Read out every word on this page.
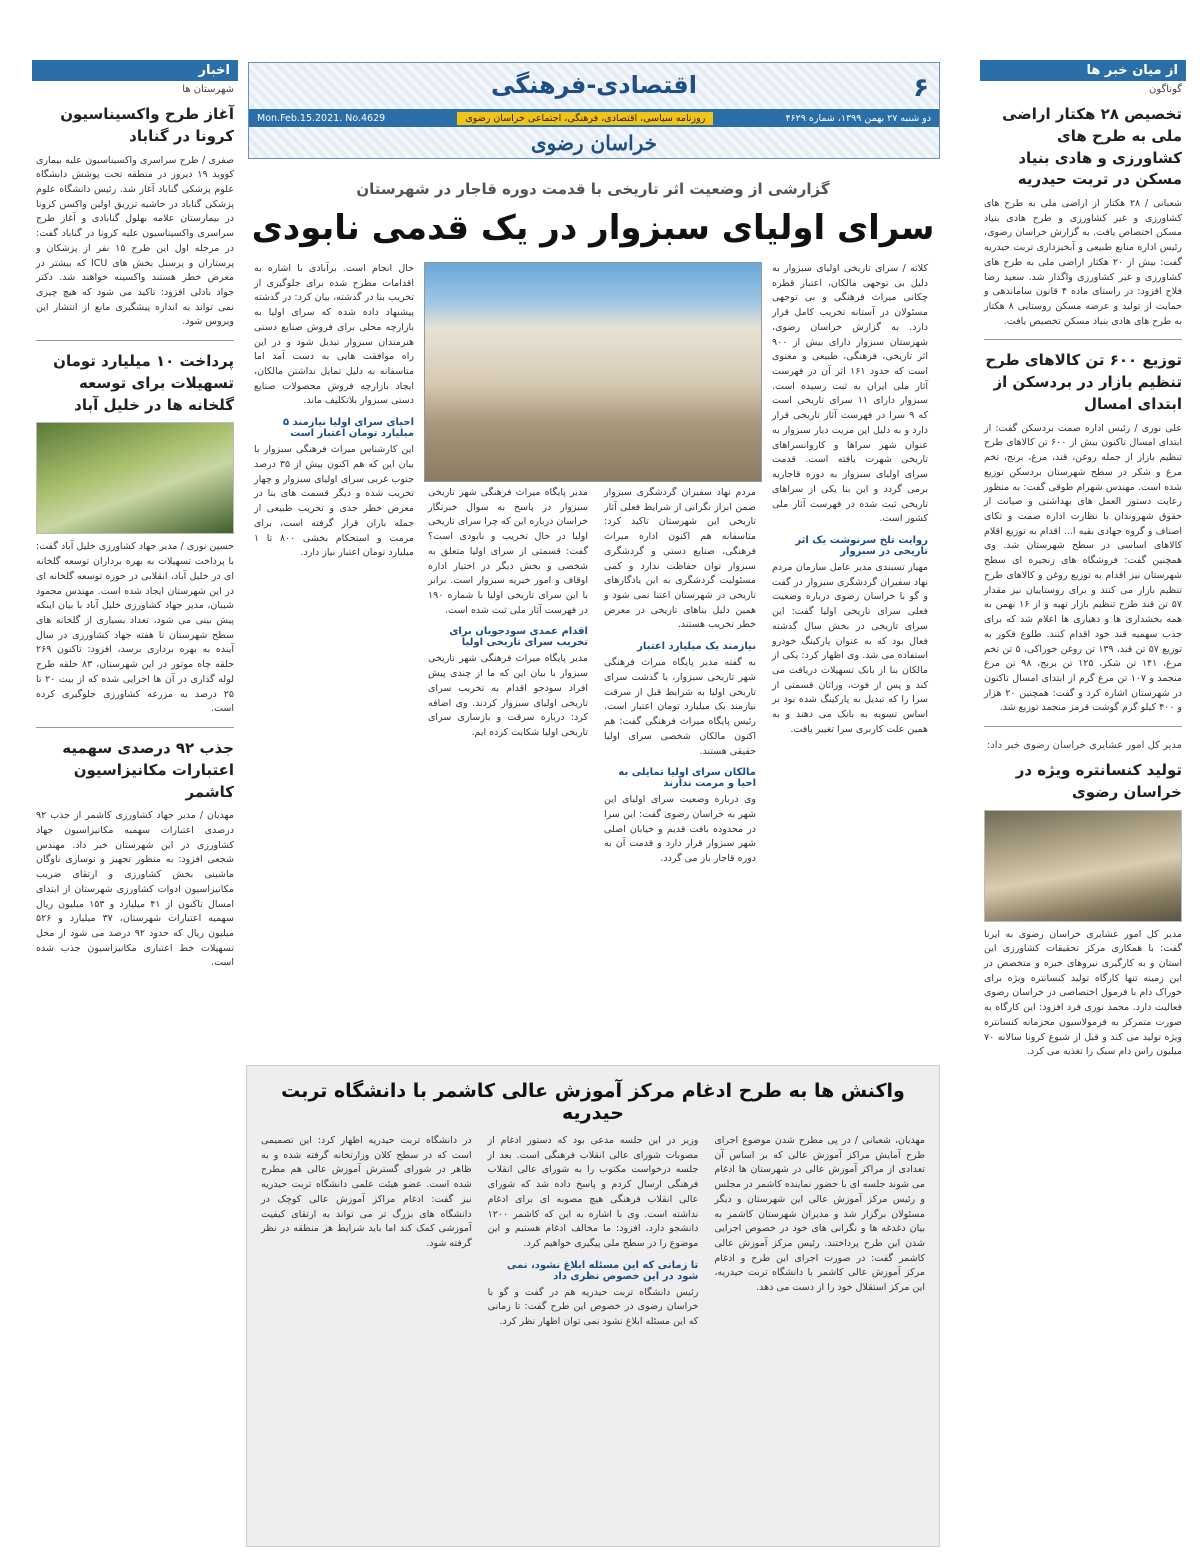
از میان خبر ها
گوناگون
تخصیص ۲۸ هکتار اراضی ملی به طرح های کشاورزی و هادی بنیاد مسکن در تربت حیدریه
شعبانی / ۲۸ هکتار از اراضی ملی به طرح های کشاورزی و غیر کشاورزی و طرح هادی بنیاد مسکن اختصاص یافت. به گزارش خراسان رضوی، رئیس اداره منابع طبیعی و آبخیزداری تربت حیدریه گفت: بیش از ۲۰ هکتار اراضی ملی به طرح های کشاورزی و غیر کشاورزی واگذار شد. سعید رضا فلاح افزود: در راستای ماده ۴ قانون ساماندهی و حمایت از تولید و عرضه مسکن روستایی ۸ هکتار به طرح های هادی بنیاد مسکن تخصیص یافت.
توزیع ۶۰۰ تن کالاهای طرح تنظیم بازار در بردسکن از ابتدای امسال
علی نوری / رئیس اداره صمت بردسکن گفت: از ابتدای امسال تاکنون بیش از ۶۰۰ تن کالاهای طرح تنظیم بازار از جمله روغن، قند، مرغ، برنج، تخم مرغ و شکر در سطح شهرستان بردسکن توزیع شده است. مهندس شهرام طوقی گفت: به منظور رعایت دستور العمل های بهداشتی و صیانت از حقوق شهروندان با نظارت اداره صمت و تکای اصناف و گروه جهادی بقیه ا... اقدام به توزیع اقلام کالاهای اساسی در سطح شهرستان شد. وی همچنین گفت: فروشگاه های زنجیره ای سطح شهرستان نیز اقدام به توزیع روغن و کالاهای طرح تنظیم بازار می کنند و برای روستاییان نیز مقدار ۵۷ تن قند طرح تنظیم بازار تهیه و از ۱۶ بهمن به همه بخشداری ها و دهیاری ها اعلام شد که برای جذب سهمیه قند خود اقدام کنند. طلوع فکور به توزیع ۵۷ تن قند، ۱۳۹ تن روغن خوراکی، ۵ تن تخم مرغ، ۱۴۱ تن شکر، ۱۲۵ تن برنج، ۹۸ تن مرغ منجمد و ۱۰۷ تن مرغ گرم از ابتدای امسال تاکنون در شهرستان اشاره کرد و گفت: همچنین ۲۰ هزار و ۴۰۰ کیلو گرم گوشت قرمز منجمد توزیع شد.
مدیر کل امور عشایری خراسان رضوی خبر داد:
تولید کنسانتره ویژه در خراسان رضوی
مدیر کل امور عشایری خراسان رضوی به ایرنا گفت: با همکاری مرکز تحقیقات کشاورزی این استان و به کارگیری نیروهای خبره و متخصص در این زمینه تنها کارگاه تولید کنسانتره ویژه برای خوراک دام با فرمول اختصاصی در خراسان رضوی فعالیت دارد. محمد نوری فرد افزود: این کارگاه به صورت متمرکز به فرمولاسیون محرمانه کنسانتره ویژه تولید می کند و قبل از شیوع کرونا سالانه ۷۰ میلیون راس دام سبک را تغذیه می کرد.
اخبار
شهرستان ها
آغاز طرح واکسیناسیون کرونا در گناباد
صفری / طرح سراسری واکسیناسیون علیه بیماری کووید ۱۹ دیروز در منطقه تحت پوشش دانشگاه علوم پزشکی گناباد آغاز شد. رئیس دانشگاه علوم پزشکی گناباد در حاشیه تزریق اولین واکسن کرونا در بیمارستان علامه بهلول گنابادی و آغاز طرح سراسری واکسیناسیون علیه کرونا در گناباد گفت: در مرحله اول این طرح ۱۵ نفر از پزشکان و پرستاران و پرسنل بخش های ICU که بیشتر در معرض خطر هستند واکسینه خواهند شد. دکتر جواد بادلی افزود: تاکید می شود که هیچ چیزی نمی تواند به اندازه پیشگیری مانع از انتشار این ویروس شود.
پرداخت ۱۰ میلیارد تومان تسهیلات برای توسعه گلخانه ها در خلیل آباد
حسین نوری / مدیر جهاد کشاورزی خلیل آباد گفت: با پرداخت تسهیلات به بهره برداران توسعه گلخانه ای در خلیل آباد، انقلابی در حوزه توسعه گلخانه ای در این شهرستان ایجاد شده است. مهندس محمود شیبان، مدیر جهاد کشاورزی خلیل آباد با بیان اینکه پیش بینی می شود، تعداد بسیاری از گلخانه های سطح شهرستان تا هفته جهاد کشاورزی در سال آینده به بهره برداری برسد، افزود: تاکنون ۲۶۹ حلقه چاه موتور در این شهرستان، ۸۳ حلقه طرح لوله گذاری در آن ها اجرایی شده که از بیت ۲۰ تا ۲۵ درصد به مزرعه کشاورزی جلوگیری کرده است.
جذب ۹۲ درصدی سهمیه اعتبارات مکانیزاسیون کاشمر
مهدیان / مدیر جهاد کشاورزی کاشمر از جذب ۹۲ درصدی اعتبارات سهمیه مکانیزاسیون جهاد کشاورزی در این شهرستان خبر داد. مهندس شجعی افزود: به منظور تجهیز و نوسازی ناوگان ماشینی بخش کشاورزی و ارتقای ضریب مکانیزاسیون ادوات کشاورزی شهرستان از ابتدای امسال تاکنون از ۴۱ میلیارد و ۱۵۳ میلیون ریال سهمیه اعتبارات شهرستان، ۳۷ میلیارد و ۵۲۶ میلیون ریال که حدود ۹۲ درصد می شود از محل تسهیلات خط اعتباری مکانیزاسیون جذب شده است.
۶
اقتصادی-فرهنگی
دو شنبه ۲۷ بهمن ۱۳۹۹، شماره ۴۶۲۹
روزنامه سیاسی، اقتصادی، فرهنگی، اجتماعی خراسان رضوی
Mon.Feb.15.2021. No.4629
خراسان رضوی
گزارشی از وضعیت اثر تاریخی با قدمت دوره قاجار در شهرستان
سرای اولیای سبزوار در یک قدمی نابودی
کلاته / سرای تاریخی اولیای سبزوار به دلیل بی توجهی مالکان، اعتبار قطره چکانی میراث فرهنگی و بی توجهی مسئولان در آستانه تخریب کامل قرار دارد. به گزارش خراسان رضوی، شهرستان سبزوار دارای بیش از ۹۰۰ اثر تاریخی، فرهنگی، طبیعی و معنوی است که حدود ۱۶۱ اثر آن در فهرست آثار ملی ایران به ثبت رسیده است. سبزوار دارای ۱۱ سرای تاریخی است که ۹ سرا در فهرست آثار تاریخی قرار دارد و به دلیل این مزیت دیار سبزوار به عنوان شهر سراها و کاروانسراهای تاریخی شهرت یافته است. قدمت سرای اولیای سبزوار به دوره قاجاریه برمی گردد و این بنا یکی از سراهای تاریخی ثبت شده در فهرست آثار ملی کشور است.
روایت تلخ سرنوشت یک اثر تاریخی در سبزوار
مهیار تسبندی مدیر عامل سازمان مردم نهاد سفیران گردشگری سبزوار در گفت و گو با خراسان رضوی درباره وضعیت فعلی سرای تاریخی اولیا گفت: این سرای تاریخی در بخش سال گذشته فعال بود که به عنوان پارکینگ خودرو استفاده می شد. وی اظهار کرد: یکی از مالکان بنا از بانک تسهیلات دریافت می کند و پس از فوت، وراثان قسمتی از سرا را که تبدیل به پارکینگ شده بود بر اساس تسویه به بانک می دهند و به همین علت کاربری سرا تغییر یافت.
مردم نهاد سفیران گردشگری سبزوار ضمن ابراز نگرانی از شرایط فعلی آثار تاریخی این شهرستان تاکید کرد: متاسفانه هم اکنون اداره میراث فرهنگی، صنایع دستی و گردشگری سبزوار توان حفاظت ندارد و کمی مسئولیت گردشگری به این یادگارهای تاریخی در شهرستان اعتنا نمی شود و همین دلیل بناهای تاریخی در معرض خطر تخریب هستند.
نیازمند یک میلیارد اعتبار
به گفته مدیر پایگاه میراث فرهنگی شهر تاریخی سبزوار، با گذشت سرای تاریخی اولیا به شرایط قبل از سرقت نیازمند یک میلیارد تومان اعتبار است. رئیس پایگاه میراث فرهنگی گفت: هم اکنون مالکان شخصی سرای اولیا حقیقی هستند.
مالکان سرای اولیا تمایلی به احیا و مرمت ندارند
وی درباره وضعیت سرای اولیای این شهر به خراسان رضوی گفت: این سرا در محدوده بافت قدیم و خیابان اصلی شهر سبزوار قرار دارد و قدمت آن به دوره قاجار باز می گردد.
مدیر پایگاه میراث فرهنگی شهر تاریخی سبزوار در پاسخ به سوال خبرنگار خراسان درباره این که چرا سرای تاریخی اولیا در حال تخریب و نابودی است؟ گفت: قسمتی از سرای اولیا متعلق به شخصی و بخش دیگر در اختیار اداره اوقاف و امور خیریه سبزوار است. برابر با این سرای تاریخی اولیا با شماره ۱۹۰ در فهرست آثار ملی ثبت شده است.
اقدام عمدی سودجویان برای تخریب سرای تاریخی اولیا
مدیر پایگاه میراث فرهنگی شهر تاریخی سبزوار با بیان این که ما از چندی پیش افراد سودجو اقدام به تخریب سرای تاریخی اولیای سبزوار کردند. وی اضافه کرد: درباره سرقت و بازسازی سرای تاریخی اولیا شکایت کرده ایم.
حال انجام است. برآبادی با اشاره به اقدامات مطرح شده برای جلوگیری از تخریب بنا در گذشته، بیان کرد: در گذشته پیشنهاد داده شده که سرای اولیا به بازارچه محلی برای فروش صنایع دستی هنرمندان سبزوار تبدیل شود و در این راه موافقت هایی به دست آمد اما متاسفانه به دلیل تمایل نداشتن مالکان، ایجاد بازارچه فروش محصولات صنایع دستی سبزوار بلاتکلیف ماند.
احیای سرای اولیا نیازمند ۵ میلیارد تومان اعتبار است
این کارشناس میراث فرهنگی سبزوار با بیان این که هم اکنون بیش از ۳۵ درصد جنوب غربی سرای اولیای سبزوار و چهار تخریب شده و دیگر قسمت های بنا در معرض خطر جدی و تخریب طبیعی از جمله باران قرار گرفته است، برای مرمت و استحکام بخشی ۸۰۰ تا ۱ میلیارد تومان اعتبار نیاز دارد.
واکنش ها به طرح ادغام مرکز آموزش عالی کاشمر با دانشگاه تربت حیدریه
مهدیان، شعبانی / در پی مطرح شدن موضوع اجرای طرح آمایش مراکز آموزش عالی که بر اساس آن تعدادی از مراکز آموزش عالی در شهرستان ها ادغام می شوند جلسه ای با حضور نماینده کاشمر در مجلس و رئیس مرکز آموزش عالی این شهرستان و دیگر مسئولان برگزار شد و مدیران شهرستان کاشمر به بیان دغدغه ها و نگرانی های خود در خصوص اجرایی شدن این طرح پرداختند. رئیس مرکز آموزش عالی کاشمر گفت: در صورت اجرای این طرح و ادغام مرکز آموزش عالی کاشمر با دانشگاه تربت حیدریه، این مرکز استقلال خود را از دست می دهد.
وزیر در این جلسه مدعی بود که دستور ادغام از مصوبات شورای عالی انقلاب فرهنگی است. بعد از جلسه درخواست مکتوب را به شورای عالی انقلاب فرهنگی ارسال کردم و پاسخ داده شد که شورای عالی انقلاب فرهنگی هیچ مصوبه ای برای ادغام نداشته است. وی با اشاره به این که کاشمر ۱۲۰۰ دانشجو دارد، افزود: ما مخالف ادغام هستیم و این موضوع را در سطح ملی پیگیری خواهیم کرد.
تا زمانی که این مسئله ابلاغ نشود، نمی شود در این خصوص نظری داد
رئیس دانشگاه تربت حیدریه هم در گفت و گو با خراسان رضوی در خصوص این طرح گفت: تا زمانی که این مسئله ابلاغ نشود نمی توان اظهار نظر کرد.
در دانشگاه تربت حیدریه اظهار کرد: این تصمیمی است که در سطح کلان وزارتخانه گرفته شده و به ظاهر در شورای گسترش آموزش عالی هم مطرح شده است. عضو هیئت علمی دانشگاه تربت حیدریه نیز گفت: ادغام مراکز آموزش عالی کوچک در دانشگاه های بزرگ تر می تواند به ارتقای کیفیت آموزشی کمک کند اما باید شرایط هر منطقه در نظر گرفته شود.
